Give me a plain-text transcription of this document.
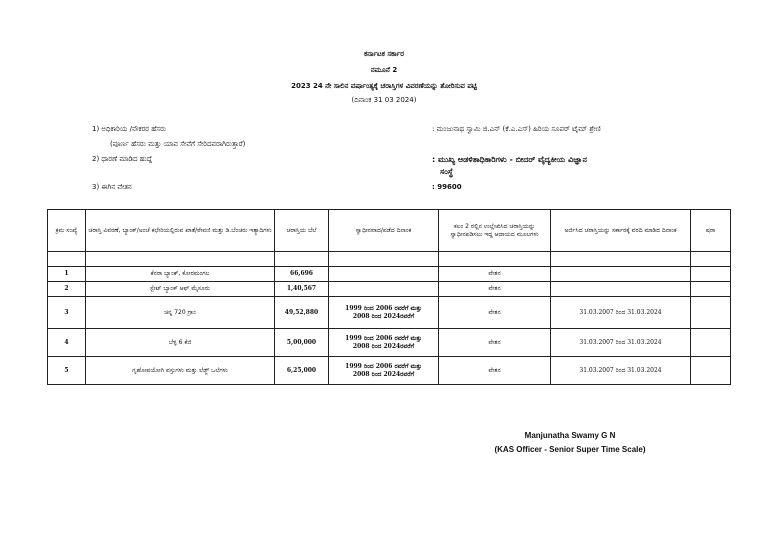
ಕರ್ನಾಟಕ ಸರ್ಕಾರ
ನಮೂನೆ 2
2023 24 ನೇ ಸಾಲಿನ ವರ್ಷಾಂತ್ಯಕ್ಕೆ ಚರಾಸ್ತಿಗಳ ವಿವರಣೆಯನ್ನು ತೋರಿಸುವ ಪಟ್ಟಿ
(ದಿನಾಂಕ 31 03 2024)
1) ಅಧಿಕಾರಿಯ /ನೌಕರರ ಹೆಸರು
(ಪೂರ್ಣ ಹೆಸರು ಮತ್ತು ಯಾವ ಸೇವೆಗೆ ಸೇರಿದವರಾಗಿರುತ್ತಾರೆ)
: ಮಂಜುನಾಥ ಸ್ವಾಮಿ ಜಿ.ಎನ್ (ಕೆ.ಎ.ಎಸ್) ಹಿರಿಯ ಸೂಪರ್ ಟೈಮ್ ಶ್ರೇಣಿ
2) ಧಾರಣೆ ಮಾಡಿದ ಹುದ್ದೆ	: ಮುಖ್ಯ ಆಡಳಿತಾಧಿಕಾರಿಗಳು - ಬೀದರ್ ವೈದ್ಯಕೀಯ ವಿಜ್ಞಾನ
ಸಂಸ್ಥೆ
3) ಈಗಿನ ವೇತನ	: 99600
ಕ್ರಮ ಸಂಖ್ಯೆ	ಚರಾಸ್ತಿ ವಿವರಣೆ, ಬ್ಯಾಂಕ್/ಅಂಚೆ ಕಛೇರಿಯಲ್ಲಿರುವ ಖಾತೆ/ಠೇವಣಿ ಮತ್ತು ಡಿ.ಬೆಂಚರು ಇತ್ಯಾದಿಗಳು	ಚರಾಸ್ತಿಯ ಬೆಲೆ	ಸ್ವಾಧೀನವಾದ/ಪಡೆದ ದಿನಾಂಕ	ಕಲಂ 2 ರಲ್ಲಿನ ಉಲ್ಲೇಖಿಸಿದ ಚರಾಸ್ತಿಯನ್ನು ಸ್ವಾಧೀನಪಡಿಸಲು ಇದ್ದ ಆದಾಯದ ಮೂಲಗಳು	ಅರ್ಜಿಸಿದ ಚರಾಸ್ತಿಯನ್ನು ಸರ್ಕಾರಕ್ಕೆ ವರದಿ ಮಾಡಿದ ದಿನಾಂಕ	ಷರಾ

1	ಕೆನರಾ ಬ್ಯಾಂಕ್, ಕೋರಮಂಗಲ	66,696		ವೇತನ		
2	ಸ್ಟೇಟ್ ಬ್ಯಾಂಕ್ ಆಫ್ ಮೈಸೂರು	1,40,567		ವೇತನ		
3	ಚಿನ್ನ 720 ಗ್ರಾಂ	49,52,880	1999 ರಿಂದ 2006 ರವರೆಗೆ ಮತ್ತು
2008 ರಿಂದ 2024ರವರೆಗೆ	ವೇತನ	31.03.2007 ರಿಂದ 31.03.2024	
4	ಬೆಳ್ಳಿ 6 ಕೆಜಿ	5,00,000	1999 ರಿಂದ 2006 ರವರೆಗೆ ಮತ್ತು
2008 ರಿಂದ 2024ರವರೆಗೆ	ವೇತನ	31.03.2007 ರಿಂದ 31.03.2024	
5	ಗೃಹೋಪಯೋಗಿ ವಸ್ತುಗಳು ಮತ್ತು ಲೆಡ್ಜ್ ಒಲೆಗಳು	6,25,000	1999 ರಿಂದ 2006 ರವರೆಗೆ ಮತ್ತು
2008 ರಿಂದ 2024ರವರೆಗೆ	ವೇತನ	31.03.2007 ರಿಂದ 31.03.2024	
Manjunatha Swamy G N
(KAS Officer - Senior Super Time Scale)
